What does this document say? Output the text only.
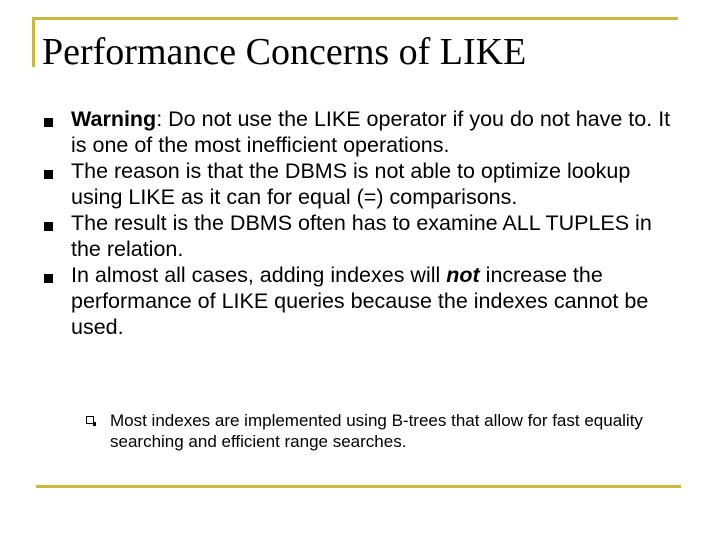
Performance Concerns of LIKE
Warning: Do not use the LIKE operator if you do not have to. It is one of the most inefficient operations.
The reason is that the DBMS is not able to optimize lookup using LIKE as it can for equal (=) comparisons.
The result is the DBMS often has to examine ALL TUPLES in the relation.
In almost all cases, adding indexes will not increase the performance of LIKE queries because the indexes cannot be used.
Most indexes are implemented using B-trees that allow for fast equality searching and efficient range searches.
